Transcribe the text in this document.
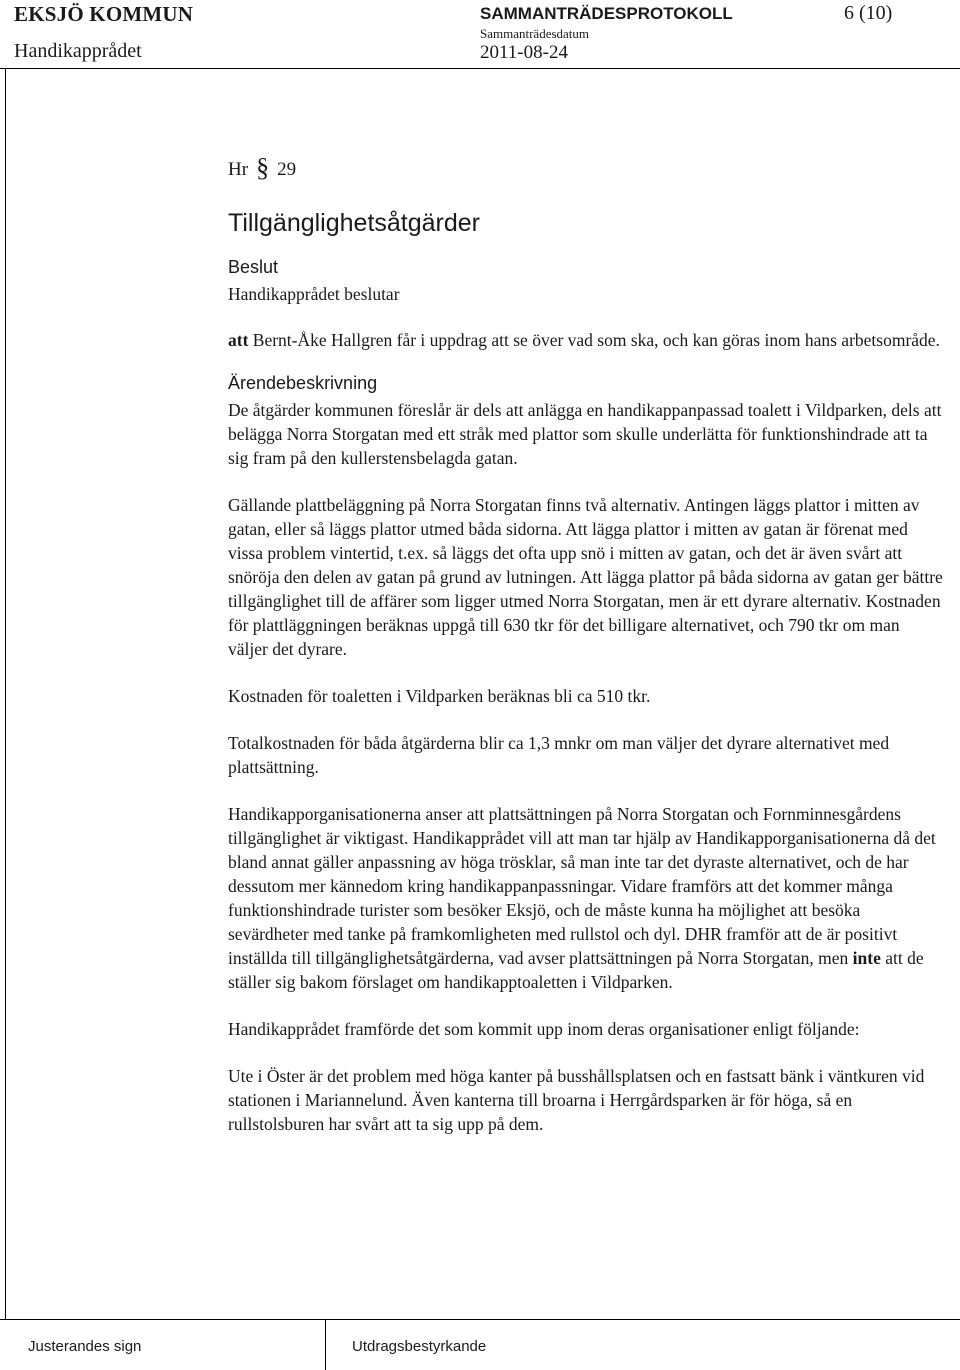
EKSJÖ KOMMUN
Handikapprådet
SAMMANTRÄDESPROTOKOLL	6 (10)
Sammanträdesdatum
2011-08-24
Hr § 29
Tillgänglighetsåtgärder
Beslut

Handikapprådet beslutar

att Bernt-Åke Hallgren får i uppdrag att se över vad som ska, och kan göras inom hans arbetsområde.

Ärendebeskrivning

De åtgärder kommunen föreslår är dels att anlägga en handikappanpassad toalett i Vildparken, dels att belägga Norra Storgatan med ett stråk med plattor som skulle underlätta för funktionshindrade att ta sig fram på den kullerstensbelagda gatan.

Gällande plattbeläggning på Norra Storgatan finns två alternativ. Antingen läggs plattor i mitten av gatan, eller så läggs plattor utmed båda sidorna. Att lägga plattor i mitten av gatan är förenat med vissa problem vintertid, t.ex. så läggs det ofta upp snö i mitten av gatan, och det är även svårt att snöröja den delen av gatan på grund av lutningen. Att lägga plattor på båda sidorna av gatan ger bättre tillgänglighet till de affärer som ligger utmed Norra Storgatan, men är ett dyrare alternativ. Kostnaden för plattläggningen beräknas uppgå till 630 tkr för det billigare alternativet, och 790 tkr om man väljer det dyrare.

Kostnaden för toaletten i Vildparken beräknas bli ca 510 tkr.

Totalkostnaden för båda åtgärderna blir ca 1,3 mnkr om man väljer det dyrare alternativet med plattsättning.

Handikapporganisationerna anser att plattsättningen på Norra Storgatan och Fornminnesgårdens tillgänglighet är viktigast. Handikapprådet vill att man tar hjälp av Handikapporganisationerna då det bland annat gäller anpassning av höga trösklar, så man inte tar det dyraste alternativet, och de har dessutom mer kännedom kring handikappanpassningar. Vidare framförs att det kommer många funktionshindrade turister som besöker Eksjö, och de måste kunna ha möjlighet att besöka sevärdheter med tanke på framkomligheten med rullstol och dyl. DHR framför att de är positivt inställda till tillgänglighetsåtgärderna, vad avser plattsättningen på Norra Storgatan, men inte att de ställer sig bakom förslaget om handikapptoaletten i Vildparken.

Handikapprådet framförde det som kommit upp inom deras organisationer enligt följande:

Ute i Öster är det problem med höga kanter på busshållsplatsen och en fastsatt bänk i väntkuren vid stationen i Mariannelund. Även kanterna till broarna i Herrgårdsparken är för höga, så en rullstolsburen har svårt att ta sig upp på dem.

Justerandes sign	Utdragsbestyrkande
